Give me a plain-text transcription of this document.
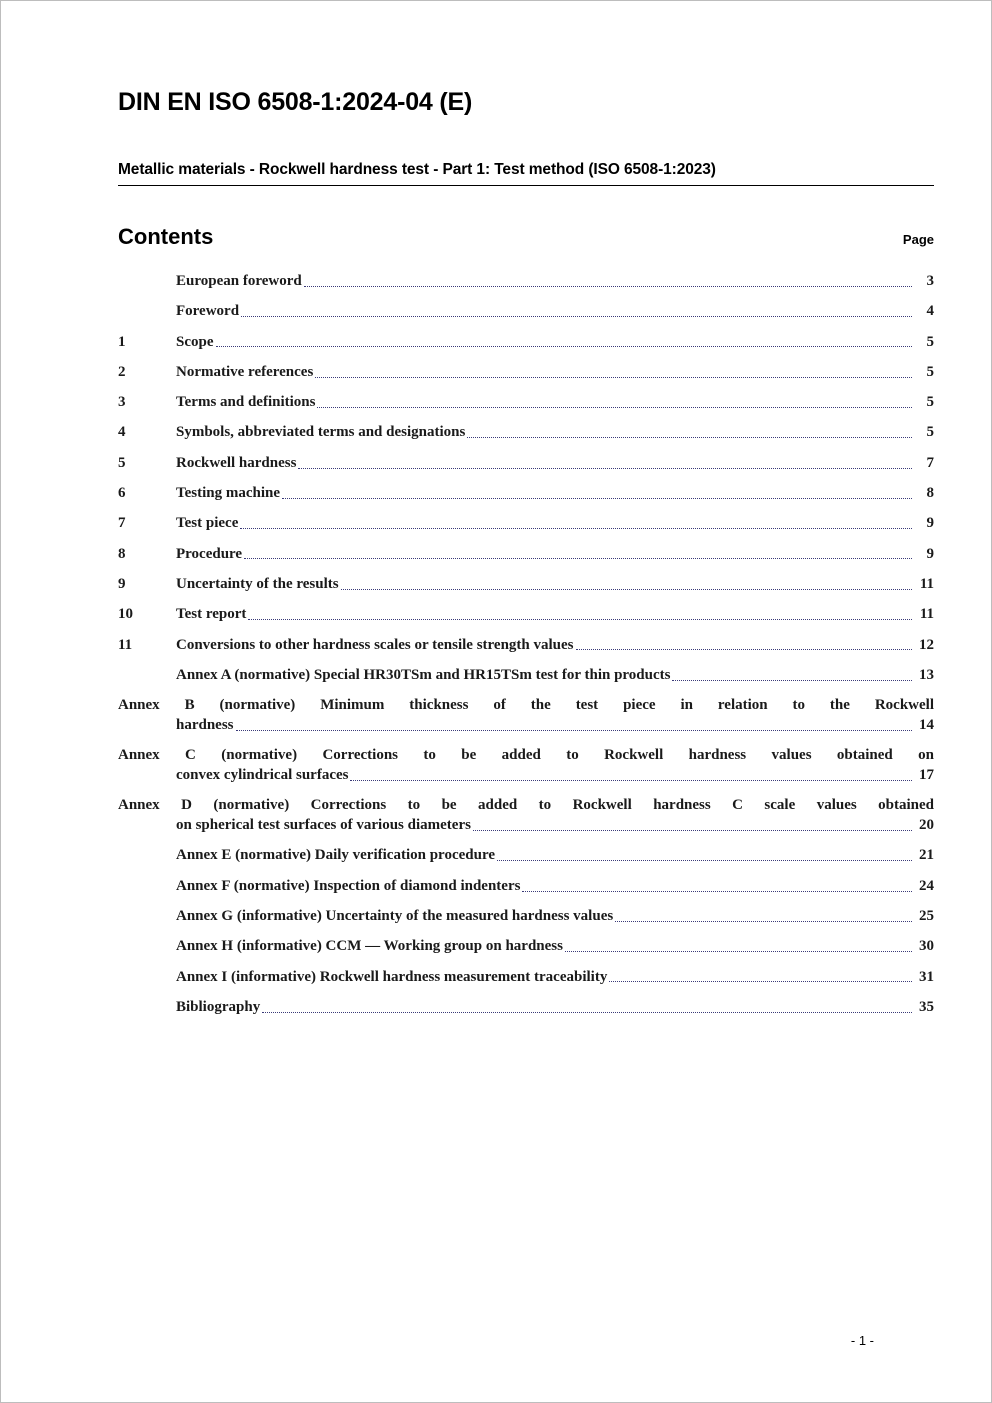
DIN EN ISO 6508-1:2024-04 (E)
Metallic materials - Rockwell hardness test - Part 1: Test method (ISO 6508-1:2023)
Contents	Page
European foreword	3
Foreword	4
1	Scope	5
2	Normative references	5
3	Terms and definitions	5
4	Symbols, abbreviated terms and designations	5
5	Rockwell hardness	7
6	Testing machine	8
7	Test piece	9
8	Procedure	9
9	Uncertainty of the results	11
10	Test report	11
11	Conversions to other hardness scales or tensile strength values	12
Annex A (normative) Special HR30TSm and HR15TSm test for thin products	13
Annex B (normative) Minimum thickness of the test piece in relation to the Rockwell
hardness	14
Annex C (normative) Corrections to be added to Rockwell hardness values obtained on
convex cylindrical surfaces	17
Annex D (normative) Corrections to be added to Rockwell hardness C scale values obtained
on spherical test surfaces of various diameters	20
Annex E (normative) Daily verification procedure	21
Annex F (normative) Inspection of diamond indenters	24
Annex G (informative) Uncertainty of the measured hardness values	25
Annex H (informative) CCM — Working group on hardness	30
Annex I (informative) Rockwell hardness measurement traceability	31
Bibliography	35
- 1 -
